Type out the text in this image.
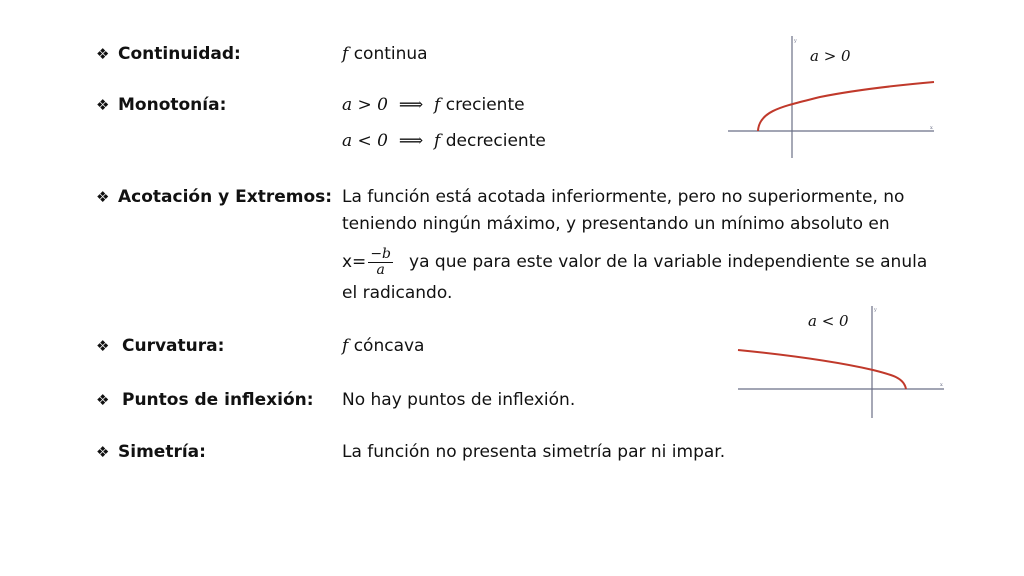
❖ Continuidad:	f continua
❖ Monotonía:	a > 0 ⟹ f creciente
a < 0 ⟹ f decreciente
❖ Acotación y Extremos: La función está acotada inferiormente, pero no superiormente, no
teniendo ningún máximo, y presentando un mínimo absoluto en
$x= \frac{-b}{a}$ ya que para este valor de la variable independiente se anula
el radicando.
❖ Curvatura:	f cóncava
❖ Puntos de inflexión: No hay puntos de inflexión.
❖ Simetría:	La función no presenta simetría par ni impar.
a > 0
y
x
a < 0
y
x
